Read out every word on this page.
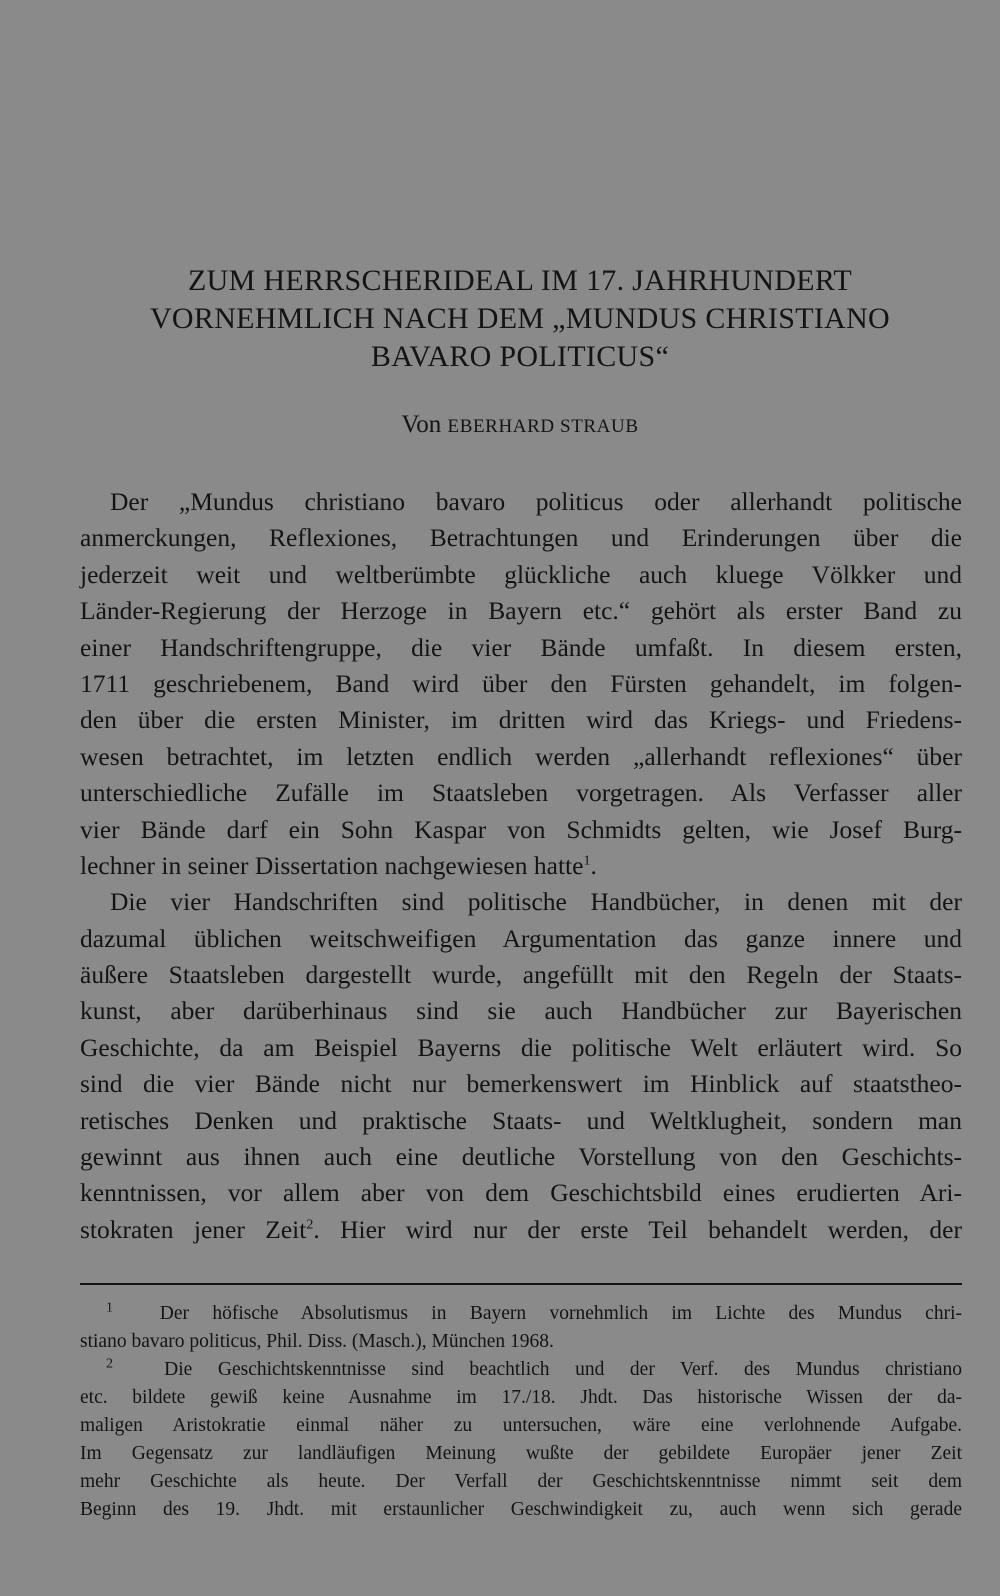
ZUM HERRSCHERIDEAL IM 17. JAHRHUNDERT
VORNEHMLICH NACH DEM „MUNDUS CHRISTIANO
BAVARO POLITICUS“
Von EBERHARD STRAUB
Der „Mundus christiano bavaro politicus oder allerhandt politische
anmerckungen, Reflexiones, Betrachtungen und Erinderungen über die
jederzeit weit und weltberümbte glückliche auch kluege Völkker und
Länder-Regierung der Herzoge in Bayern etc.“ gehört als erster Band zu
einer Handschriftengruppe, die vier Bände umfaßt. In diesem ersten,
1711 geschriebenem, Band wird über den Fürsten gehandelt, im folgen-
den über die ersten Minister, im dritten wird das Kriegs- und Friedens-
wesen betrachtet, im letzten endlich werden „allerhandt reflexiones“ über
unterschiedliche Zufälle im Staatsleben vorgetragen. Als Verfasser aller
vier Bände darf ein Sohn Kaspar von Schmidts gelten, wie Josef Burg-
lechner in seiner Dissertation nachgewiesen hatte$^1$.
Die vier Handschriften sind politische Handbücher, in denen mit der
dazumal üblichen weitschweifigen Argumentation das ganze innere und
äußere Staatsleben dargestellt wurde, angefüllt mit den Regeln der Staats-
kunst, aber darüberhinaus sind sie auch Handbücher zur Bayerischen
Geschichte, da am Beispiel Bayerns die politische Welt erläutert wird. So
sind die vier Bände nicht nur bemerkenswert im Hinblick auf staatstheo-
retisches Denken und praktische Staats- und Weltklugheit, sondern man
gewinnt aus ihnen auch eine deutliche Vorstellung von den Geschichts-
kenntnissen, vor allem aber von dem Geschichtsbild eines erudierten Ari-
stokraten jener Zeit$^2$. Hier wird nur der erste Teil behandelt werden, der
$^1$ Der höfische Absolutismus in Bayern vornehmlich im Lichte des Mundus chri-
stiano bavaro politicus, Phil. Diss. (Masch.), München 1968.
$^2$	Die Geschichtskenntnisse sind beachtlich und der Verf. des Mundus christiano
etc. bildete gewiß keine Ausnahme im 17./18. Jhdt. Das historische Wissen der da-
maligen Aristokratie einmal näher zu untersuchen, wäre eine verlohnende Aufgabe.
Im Gegensatz zur landläufigen Meinung wußte der gebildete Europäer jener Zeit
mehr Geschichte als heute. Der Verfall der Geschichtskenntnisse nimmt seit dem
Beginn des 19. Jhdt. mit erstaunlicher Geschwindigkeit zu, auch wenn sich gerade
